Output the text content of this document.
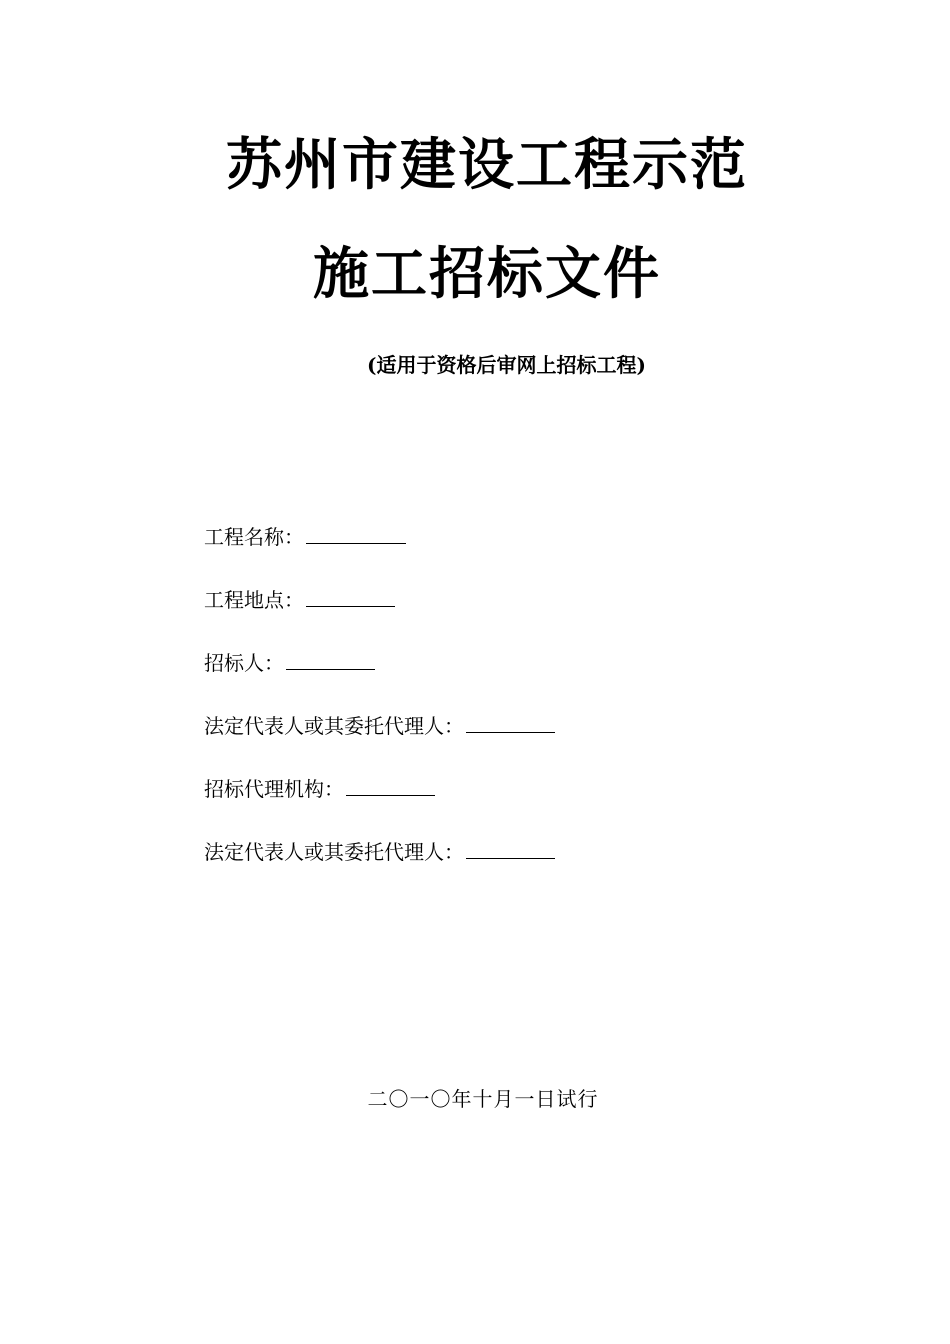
苏州市建设工程示范
施工招标文件
(适用于资格后审网上招标工程)
工程名称：
工程地点：
招标人：
法定代表人或其委托代理人：
招标代理机构：
法定代表人或其委托代理人：
二〇一〇年十月一日试行
